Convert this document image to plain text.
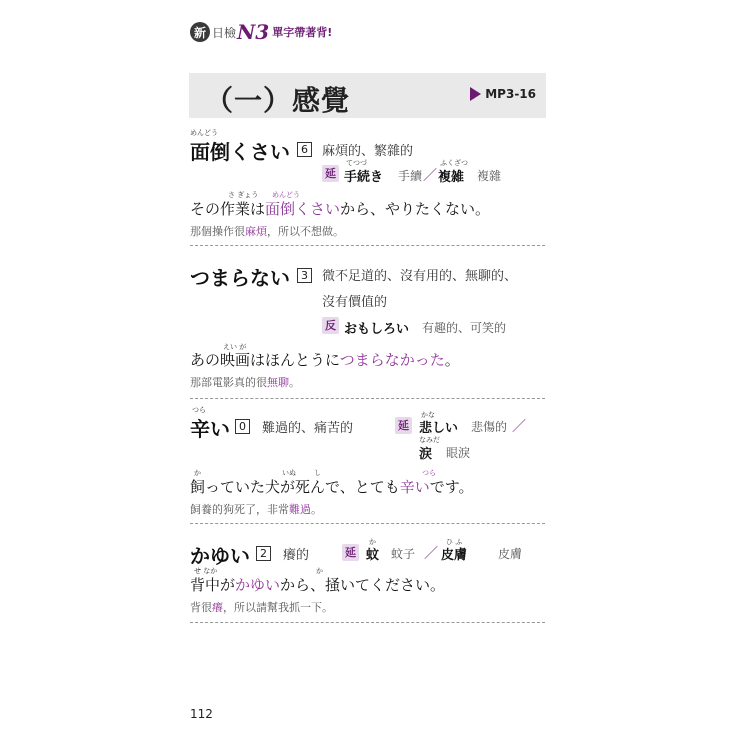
新 日檢 N3 單字帶著背!
（一）感覺	MP3-16
めんどう
面倒くさい	6	麻煩的、繁雜的
延
てつづ
手続き 手續 ／
ふくざつ
複雑 複雜
さ ぎょう めんどう
その作業は面倒くさいから、やりたくない。
那個操作很麻煩，所以不想做。
つまらない	3	微不足道的、沒有用的、無聊的、
沒有價值的
反 おもしろい 有趣的、可笑的
えい が
あの映画はほんとうにつまらなかった。
那部電影真的很無聊。
つら
辛い 0	難過的、痛苦的	延
かな
悲しい 悲傷的 ／
なみだ
涙 眼淚
か	いぬ	し	つら
飼っていた犬が死んで、とても辛いです。
飼養的狗死了，非常難過。
かゆい 2	癢的	延
か
蚊 蚊子 ／
ひ ふ
皮膚	皮膚
せ なか	か
背中がかゆいから、掻いてください。
背很癢，所以請幫我抓一下。
112
